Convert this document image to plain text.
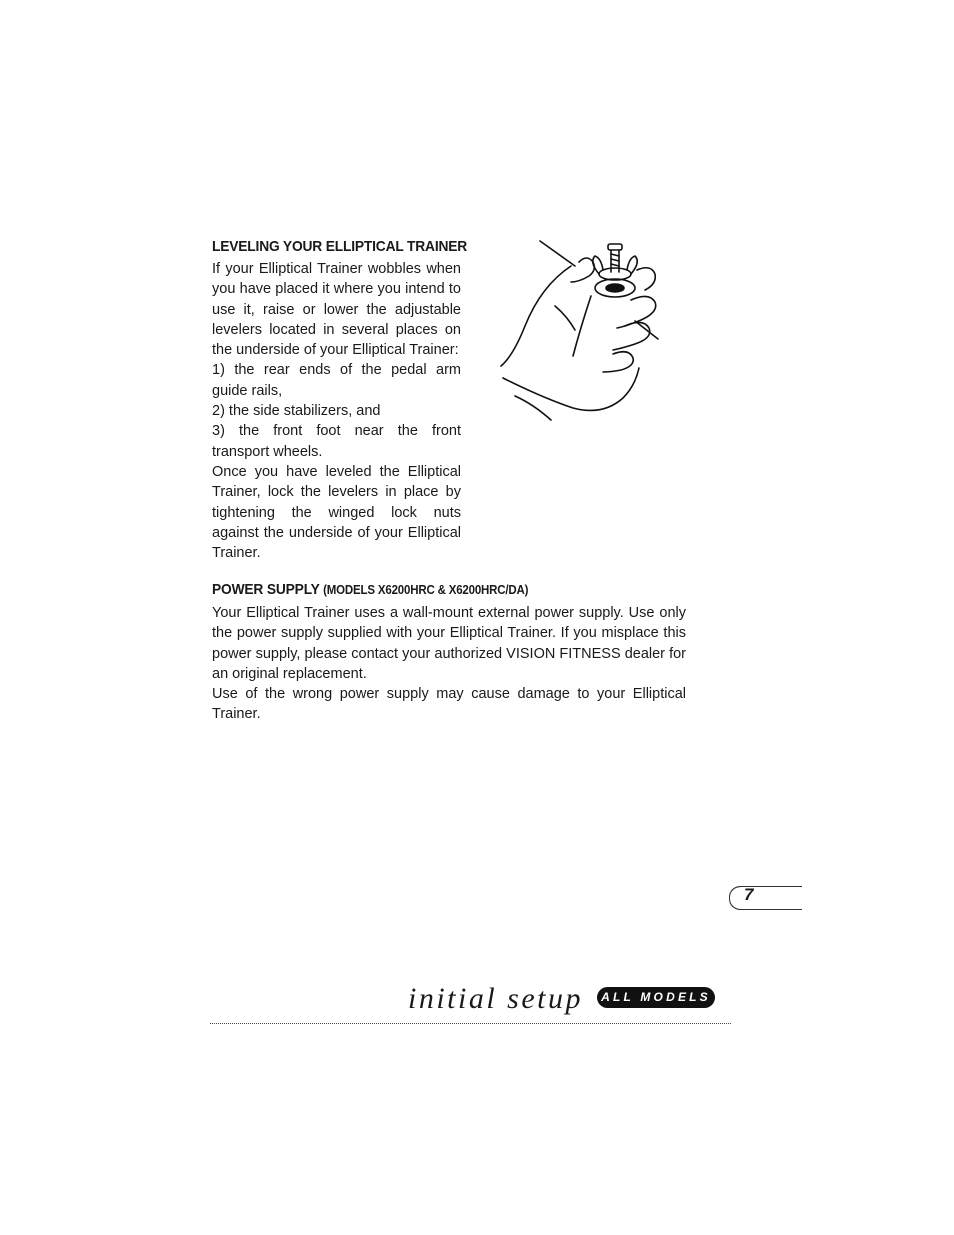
LEVELING YOUR ELLIPTICAL TRAINER

If your Elliptical Trainer wobbles when you have placed it where you intend to use it, raise or lower the adjustable levelers located in several places on the underside of your Elliptical Trainer:

1) the rear ends of the pedal arm guide rails,

2) the side stabilizers, and

3) the front foot near the front transport wheels.

Once you have leveled the Elliptical Trainer, lock the levelers in place by tightening the winged lock nuts against the underside of your Elliptical Trainer.

POWER SUPPLY (MODELS X6200HRC & X6200HRC/DA)

Your Elliptical Trainer uses a wall-mount external power supply. Use only the power supply supplied with your Elliptical Trainer. If you misplace this power supply, please contact your authorized VISION FITNESS dealer for an original replacement.

Use of the wrong power supply may cause damage to your Elliptical Trainer.

7
initial setup	ALL MODELS
